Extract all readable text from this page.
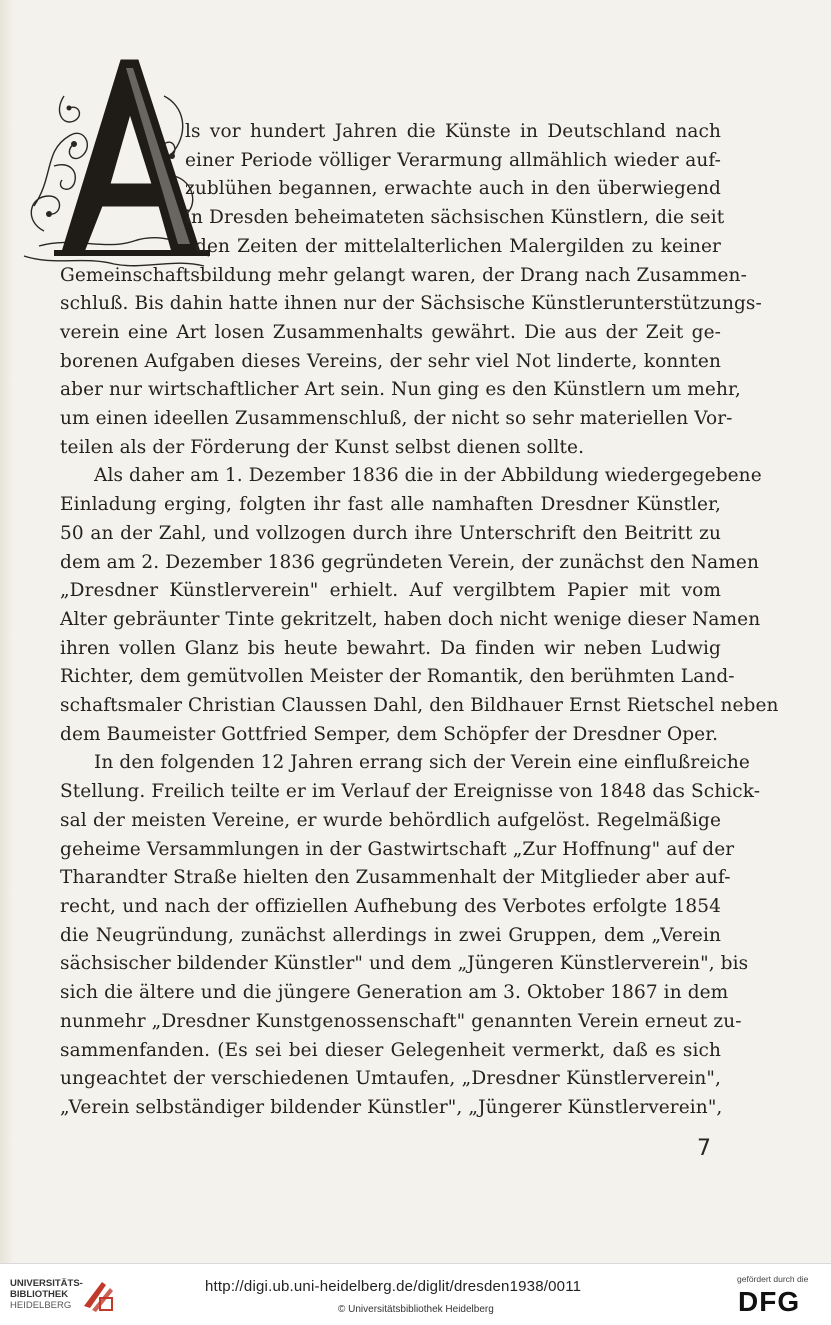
ls vor hundert Jahren die Künste in Deutschland nach
einer Periode völliger Verarmung allmählich wieder auf-
zublühen begannen, erwachte auch in den überwiegend
in Dresden beheimateten sächsischen Künstlern, die seit
den Zeiten der mittelalterlichen Malergilden zu keiner
Gemeinschaftsbildung mehr gelangt waren, der Drang nach Zusammen-
schluß. Bis dahin hatte ihnen nur der Sächsische Künstlerunterstützungs-
verein eine Art losen Zusammenhalts gewährt. Die aus der Zeit ge-
borenen Aufgaben dieses Vereins, der sehr viel Not linderte, konnten
aber nur wirtschaftlicher Art sein. Nun ging es den Künstlern um mehr,
um einen ideellen Zusammenschluß, der nicht so sehr materiellen Vor-
teilen als der Förderung der Kunst selbst dienen sollte.
Als daher am 1. Dezember 1836 die in der Abbildung wiedergegebene
Einladung erging, folgten ihr fast alle namhaften Dresdner Künstler,
50 an der Zahl, und vollzogen durch ihre Unterschrift den Beitritt zu
dem am 2. Dezember 1836 gegründeten Verein, der zunächst den Namen
„Dresdner Künstlerverein" erhielt. Auf vergilbtem Papier mit vom
Alter gebräunter Tinte gekritzelt, haben doch nicht wenige dieser Namen
ihren vollen Glanz bis heute bewahrt. Da finden wir neben Ludwig
Richter, dem gemütvollen Meister der Romantik, den berühmten Land-
schaftsmaler Christian Claussen Dahl, den Bildhauer Ernst Rietschel neben
dem Baumeister Gottfried Semper, dem Schöpfer der Dresdner Oper.
In den folgenden 12 Jahren errang sich der Verein eine einflußreiche
Stellung. Freilich teilte er im Verlauf der Ereignisse von 1848 das Schick-
sal der meisten Vereine, er wurde behördlich aufgelöst. Regelmäßige
geheime Versammlungen in der Gastwirtschaft „Zur Hoffnung" auf der
Tharandter Straße hielten den Zusammenhalt der Mitglieder aber auf-
recht, und nach der offiziellen Aufhebung des Verbotes erfolgte 1854
die Neugründung, zunächst allerdings in zwei Gruppen, dem „Verein
sächsischer bildender Künstler" und dem „Jüngeren Künstlerverein", bis
sich die ältere und die jüngere Generation am 3. Oktober 1867 in dem
nunmehr „Dresdner Kunstgenossenschaft" genannten Verein erneut zu-
sammenfanden. (Es sei bei dieser Gelegenheit vermerkt, daß es sich
ungeachtet der verschiedenen Umtaufen, „Dresdner Künstlerverein",
„Verein selbständiger bildender Künstler", „Jüngerer Künstlerverein",
7
UNIVERSITÄTS-
BIBLIOTHEK
HEIDELBERG
http://digi.ub.uni-heidelberg.de/diglit/dresden1938/0011
© Universitätsbibliothek Heidelberg
gefördert durch die
DFG
